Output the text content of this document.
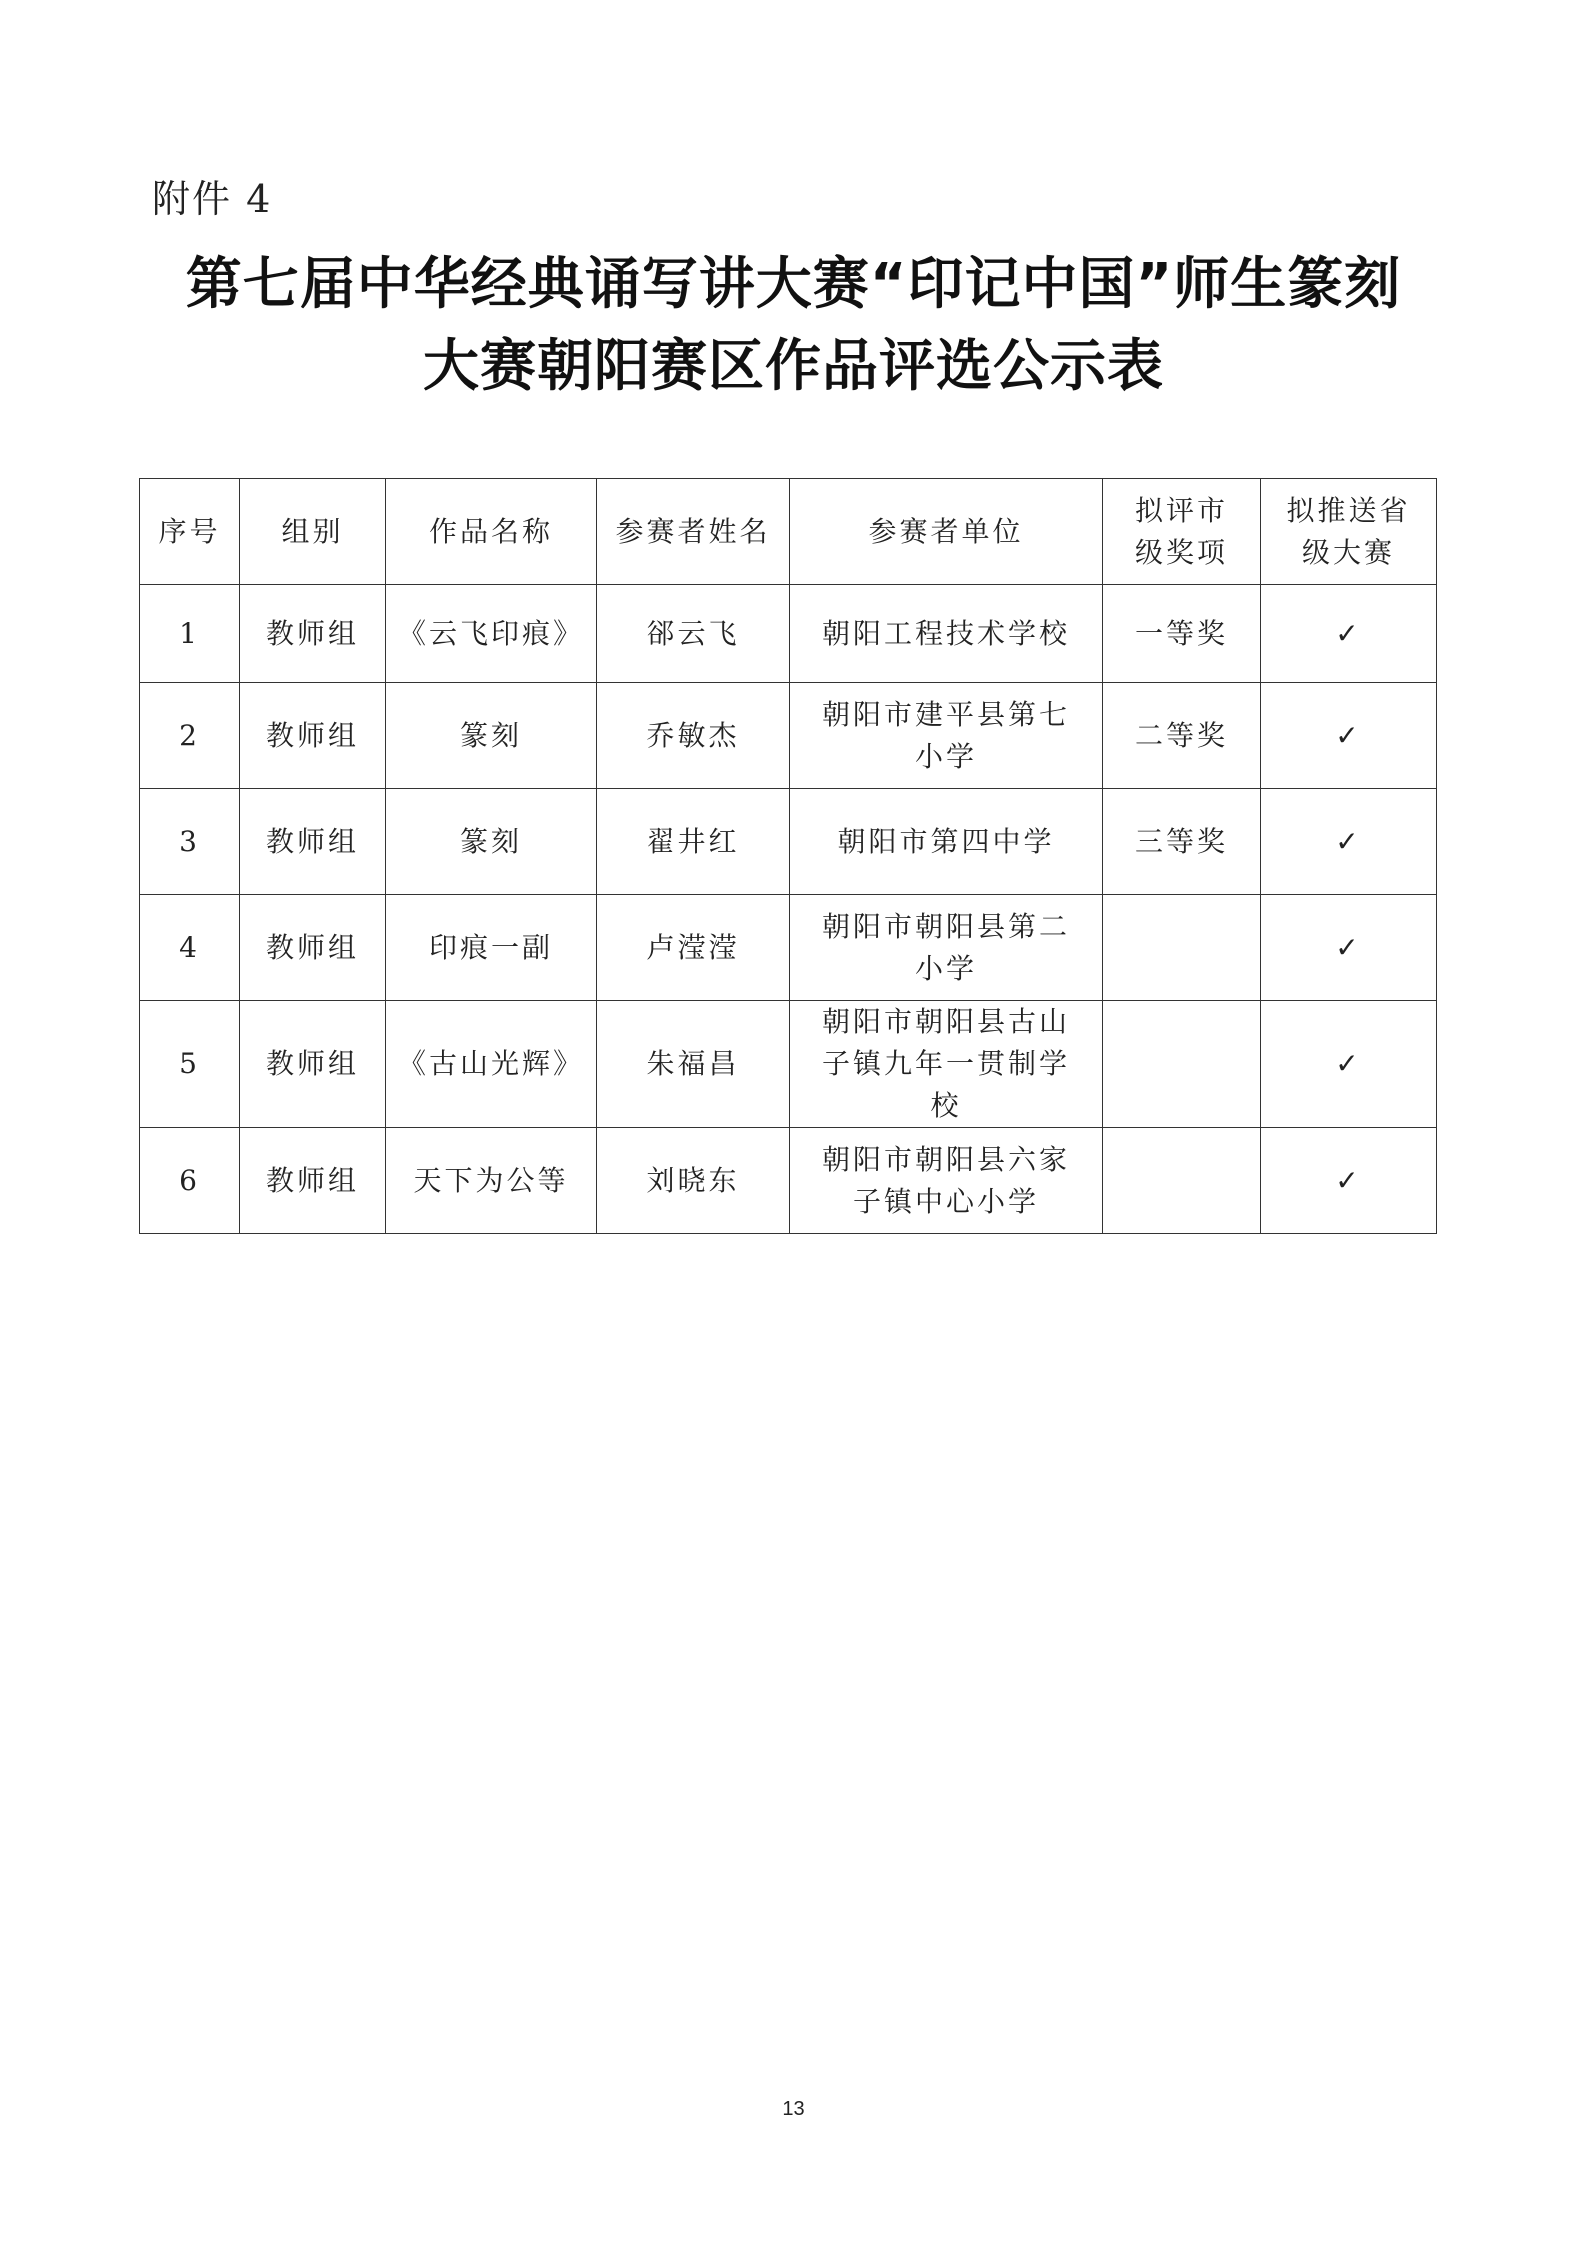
附件 4
第七届中华经典诵写讲大赛“印记中国”师生篆刻
大赛朝阳赛区作品评选公示表
序号	组别	作品名称	参赛者姓名	参赛者单位	拟评市级奖项	拟推送省级大赛
1	教师组	《云飞印痕》	郤云飞	朝阳工程技术学校	一等奖	✓
2	教师组	篆刻	乔敏杰	朝阳市建平县第七小学	二等奖	✓
3	教师组	篆刻	翟井红	朝阳市第四中学	三等奖	✓
4	教师组	印痕一副	卢滢滢	朝阳市朝阳县第二小学		✓
5	教师组	《古山光辉》	朱福昌	朝阳市朝阳县古山子镇九年一贯制学校		✓
6	教师组	天下为公等	刘晓东	朝阳市朝阳县六家子镇中心小学		✓
13
